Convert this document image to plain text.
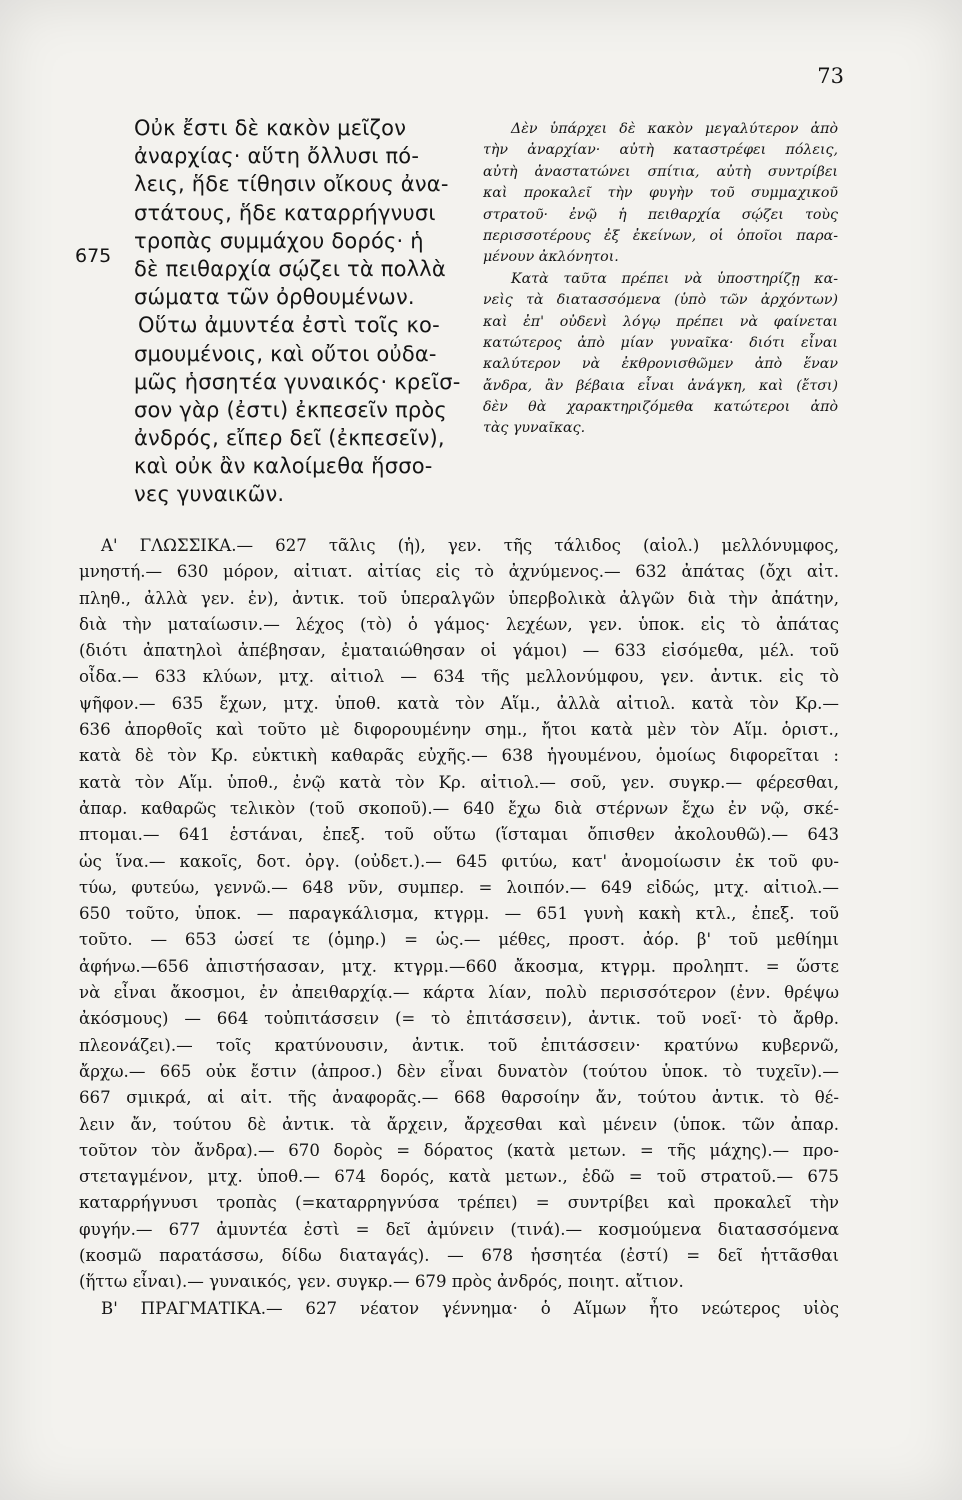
73
675
Οὐκ ἔστι δὲ κακὸν μεῖζον
ἀναρχίας· αὕτη ὄλλυσι πό-
λεις, ἥδε τίθησιν οἴκους ἀνα-
στάτους, ἥδε καταρρήγνυσι
τροπὰς συμμάχου δορός· ἡ
δὲ πειθαρχία σῴζει τὰ πολλὰ
σώματα τῶν ὀρθουμένων.
Οὕτω ἀμυντέα ἐστὶ τοῖς κο-
σμουμένοις, καὶ οὔτοι οὐδα-
μῶς ἡσσητέα γυναικός· κρεῖσ-
σον γὰρ (ἐστι) ἐκπεσεῖν πρὸς
ἀνδρός, εἴπερ δεῖ (ἐκπεσεῖν),
καὶ οὐκ ἂν καλοίμεθα ἥσσο-
νες γυναικῶν.
Δὲν ὑπάρχει δὲ κακὸν μεγαλύτερον ἀπὸ
τὴν ἀναρχίαν· αὐτὴ καταστρέφει πόλεις,
αὐτὴ ἀναστατώνει σπίτια, αὐτὴ συντρίβει
καὶ προκαλεῖ τὴν φυγὴν τοῦ συμμαχικοῦ
στρατοῦ· ἐνῷ ἡ πειθαρχία σῴζει τοὺς
περισσοτέρους ἐξ ἐκείνων, οἱ ὁποῖοι παρα-
μένουν ἀκλόνητοι.
Κατὰ ταῦτα πρέπει νὰ ὑποστηρίζῃ κα-
νεὶς τὰ διατασσόμενα (ὑπὸ τῶν ἀρχόντων)
καὶ ἐπ' οὐδενὶ λόγῳ πρέπει νὰ φαίνεται
κατώτερος ἀπὸ μίαν γυναῖκα· διότι εἶναι
καλύτερον νὰ ἐκθρονισθῶμεν ἀπὸ ἕναν
ἄνδρα, ἂν βέβαια εἶναι ἀνάγκη, καὶ (ἔτσι)
δὲν θὰ χαρακτηριζόμεθα κατώτεροι ἀπὸ
τὰς γυναῖκας.
Α' ΓΛΩΣΣΙΚΑ.— 627 τᾶλις (ἡ), γεν. τῆς τάλιδος (αἰολ.) μελλόνυμφος,
μνηστή.— 630 μόρον, αἰτιατ. αἰτίας εἰς τὸ ἀχνύμενος.— 632 ἀπάτας (ὄχι αἰτ.
πληθ., ἀλλὰ γεν. ἑν), ἀντικ. τοῦ ὑπεραλγῶν ὑπερβολικὰ ἀλγῶν διὰ τὴν ἀπάτην,
διὰ τὴν ματαίωσιν.— λέχος (τὸ) ὁ γάμος· λεχέων, γεν. ὑποκ. εἰς τὸ ἀπάτας
(διότι ἀπατηλοὶ ἀπέβησαν, ἐματαιώθησαν οἱ γάμοι) — 633 εἰσόμεθα, μέλ. τοῦ
οἶδα.— 633 κλύων, μτχ. αἰτιολ — 634 τῆς μελλονύμφου, γεν. ἀντικ. εἰς τὸ
ψῆφον.— 635 ἔχων, μτχ. ὑποθ. κατὰ τὸν Αἵμ., ἀλλὰ αἰτιολ. κατὰ τὸν Κρ.—
636 ἀπορθοῖς καὶ τοῦτο μὲ διφορουμένην σημ., ἤτοι κατὰ μὲν τὸν Αἵμ. ὁριστ.,
κατὰ δὲ τὸν Κρ. εὐκτικὴ καθαρᾶς εὐχῆς.— 638 ἡγουμένου, ὁμοίως διφορεῖται :
κατὰ τὸν Αἵμ. ὑποθ., ἐνῷ κατὰ τὸν Κρ. αἰτιολ.— σοῦ, γεν. συγκρ.— φέρεσθαι,
ἀπαρ. καθαρῶς τελικὸν (τοῦ σκοποῦ).— 640 ἔχω διὰ στέρνων ἔχω ἐν νῷ, σκέ-
πτομαι.— 641 ἑστάναι, ἐπεξ. τοῦ οὕτω (ἵσταμαι ὄπισθεν ἀκολουθῶ).— 643
ὡς ἵνα.— κακοῖς, δοτ. ὀργ. (οὐδετ.).— 645 φιτύω, κατ' ἀνομοίωσιν ἐκ τοῦ φυ-
τύω, φυτεύω, γεννῶ.— 648 νῦν, συμπερ. = λοιπόν.— 649 εἰδώς, μτχ. αἰτιολ.—
650 τοῦτο, ὑποκ. — παραγκάλισμα, κτγρμ. — 651 γυνὴ κακὴ κτλ., ἐπεξ. τοῦ
τοῦτο. — 653 ὡσεί τε (ὁμηρ.) = ὡς.— μέθες, προστ. ἀόρ. β' τοῦ μεθίημι
ἀφήνω.—656 ἀπιστήσασαν, μτχ. κτγρμ.—660 ἄκοσμα, κτγρμ. προληπτ. = ὥστε
νὰ εἶναι ἄκοσμοι, ἐν ἀπειθαρχίᾳ.— κάρτα λίαν, πολὺ περισσότερον (ἐνν. θρέψω
ἀκόσμους) — 664 τοὐπιτάσσειν (= τὸ ἐπιτάσσειν), ἀντικ. τοῦ νοεῖ· τὸ ἄρθρ.
πλεονάζει).— τοῖς κρατύνουσιν, ἀντικ. τοῦ ἐπιτάσσειν· κρατύνω κυβερνῶ,
ἄρχω.— 665 οὐκ ἔστιν (ἀπροσ.) δὲν εἶναι δυνατὸν (τούτου ὑποκ. τὸ τυχεῖν).—
667 σμικρά, αἱ αἰτ. τῆς ἀναφορᾶς.— 668 θαρσοίην ἄν, τούτου ἀντικ. τὸ θέ-
λειν ἄν, τούτου δὲ ἀντικ. τὰ ἄρχειν, ἄρχεσθαι καὶ μένειν (ὑποκ. τῶν ἀπαρ.
τοῦτον τὸν ἄνδρα).— 670 δορὸς = δόρατος (κατὰ μετων. = τῆς μάχης).— προ-
στεταγμένον, μτχ. ὑποθ.— 674 δορός, κατὰ μετων., ἐδῶ = τοῦ στρατοῦ.— 675
καταρρήγνυσι τροπὰς (=καταρρηγνύσα τρέπει) = συντρίβει καὶ προκαλεῖ τὴν
φυγήν.— 677 ἀμυντέα ἐστὶ = δεῖ ἀμύνειν (τινά).— κοσμούμενα διατασσόμενα
(κοσμῶ παρατάσσω, δίδω διαταγάς). — 678 ἡσσητέα (ἐστί) = δεῖ ἡττᾶσθαι
(ἥττω εἶναι).— γυναικός, γεν. συγκρ.— 679 πρὸς ἀνδρός, ποιητ. αἴτιον.
Β' ΠΡΑΓΜΑΤΙΚΑ.— 627 νέατον γέννημα· ὁ Αἵμων ἦτο νεώτερος υἱὸς
